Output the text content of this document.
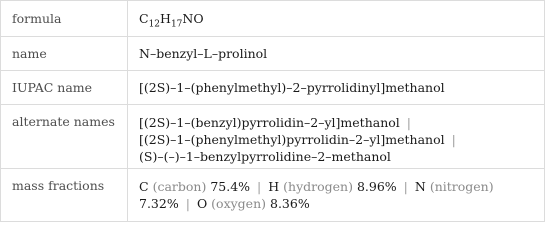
formula	$C_{12}H_{17}NO$
name	N–benzyl–L–prolinol
IUPAC name	[(2S)–1–(phenylmethyl)–2–pyrrolidinyl]methanol
alternate names	[(2S)–1–(benzyl)pyrrolidin–2–yl]methanol |
[(2S)–1–(phenylmethyl)pyrrolidin–2–yl]methanol |
(S)–(–)–1–benzylpyrrolidine–2–methanol

mass fractions	C (carbon) 75.4% | H (hydrogen) 8.96% | N (nitrogen)
7.32% | O (oxygen) 8.36%
